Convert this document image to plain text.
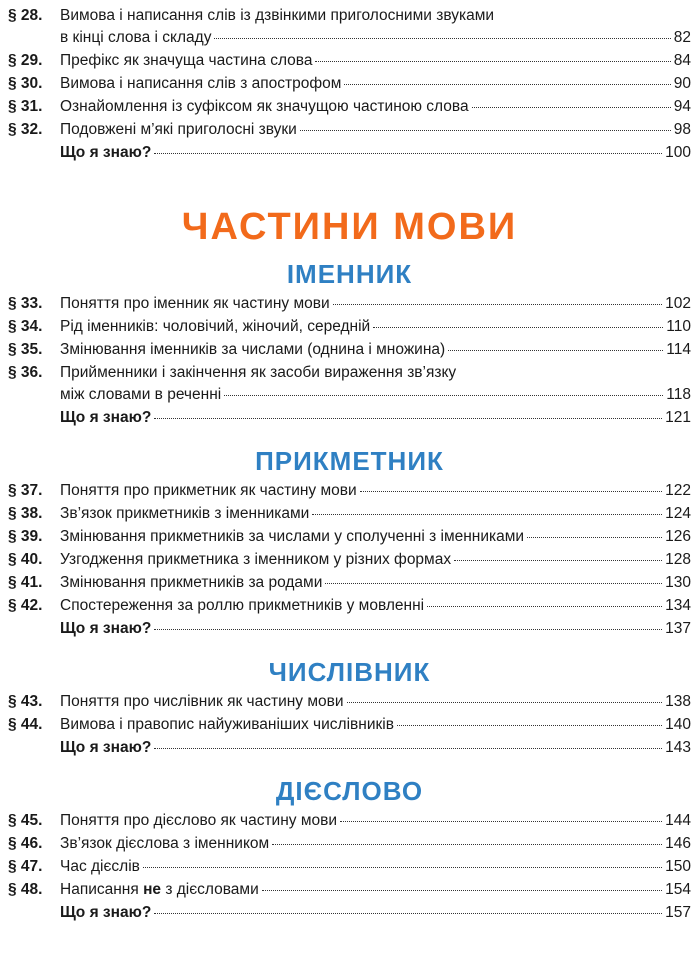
§ 28.	Вимова і написання слів із дзвінкими приголосними звуками
в кінці слова і складу	82
§ 29.	Префікс як значуща частина слова	84
§ 30.	Вимова і написання слів з апострофом	90
§ 31.	Ознайомлення із суфіксом як значущою частиною слова	94
§ 32.	Подовжені м’які приголосні звуки	98
Що я знаю?	100
ЧАСТИНИ МОВИ
ІМЕННИК
§ 33.	Поняття про іменник як частину мови	102
§ 34.	Рід іменників: чоловічий, жіночий, середній	110
§ 35.	Змінювання іменників за числами (однина і множина)	114
§ 36.	Прийменники і закінчення як засоби вираження зв’язку
між словами в реченні	118
Що я знаю?	121
ПРИКМЕТНИК
§ 37.	Поняття про прикметник як частину мови	122
§ 38.	Зв’язок прикметників з іменниками	124
§ 39.	Змінювання прикметників за числами у сполученні з іменниками	126
§ 40.	Узгодження прикметника з іменником у різних формах	128
§ 41.	Змінювання прикметників за родами	130
§ 42.	Спостереження за роллю прикметників у мовленні	134
Що я знаю?	137
ЧИСЛІВНИК
§ 43.	Поняття про числівник як частину мови	138
§ 44.	Вимова і правопис найуживаніших числівників	140
Що я знаю?	143
ДІЄСЛОВО
§ 45.	Поняття про дієслово як частину мови	144
§ 46.	Зв’язок дієслова з іменником	146
§ 47.	Час дієслів	150
§ 48.	Написання не з дієсловами	154
Що я знаю?	157
